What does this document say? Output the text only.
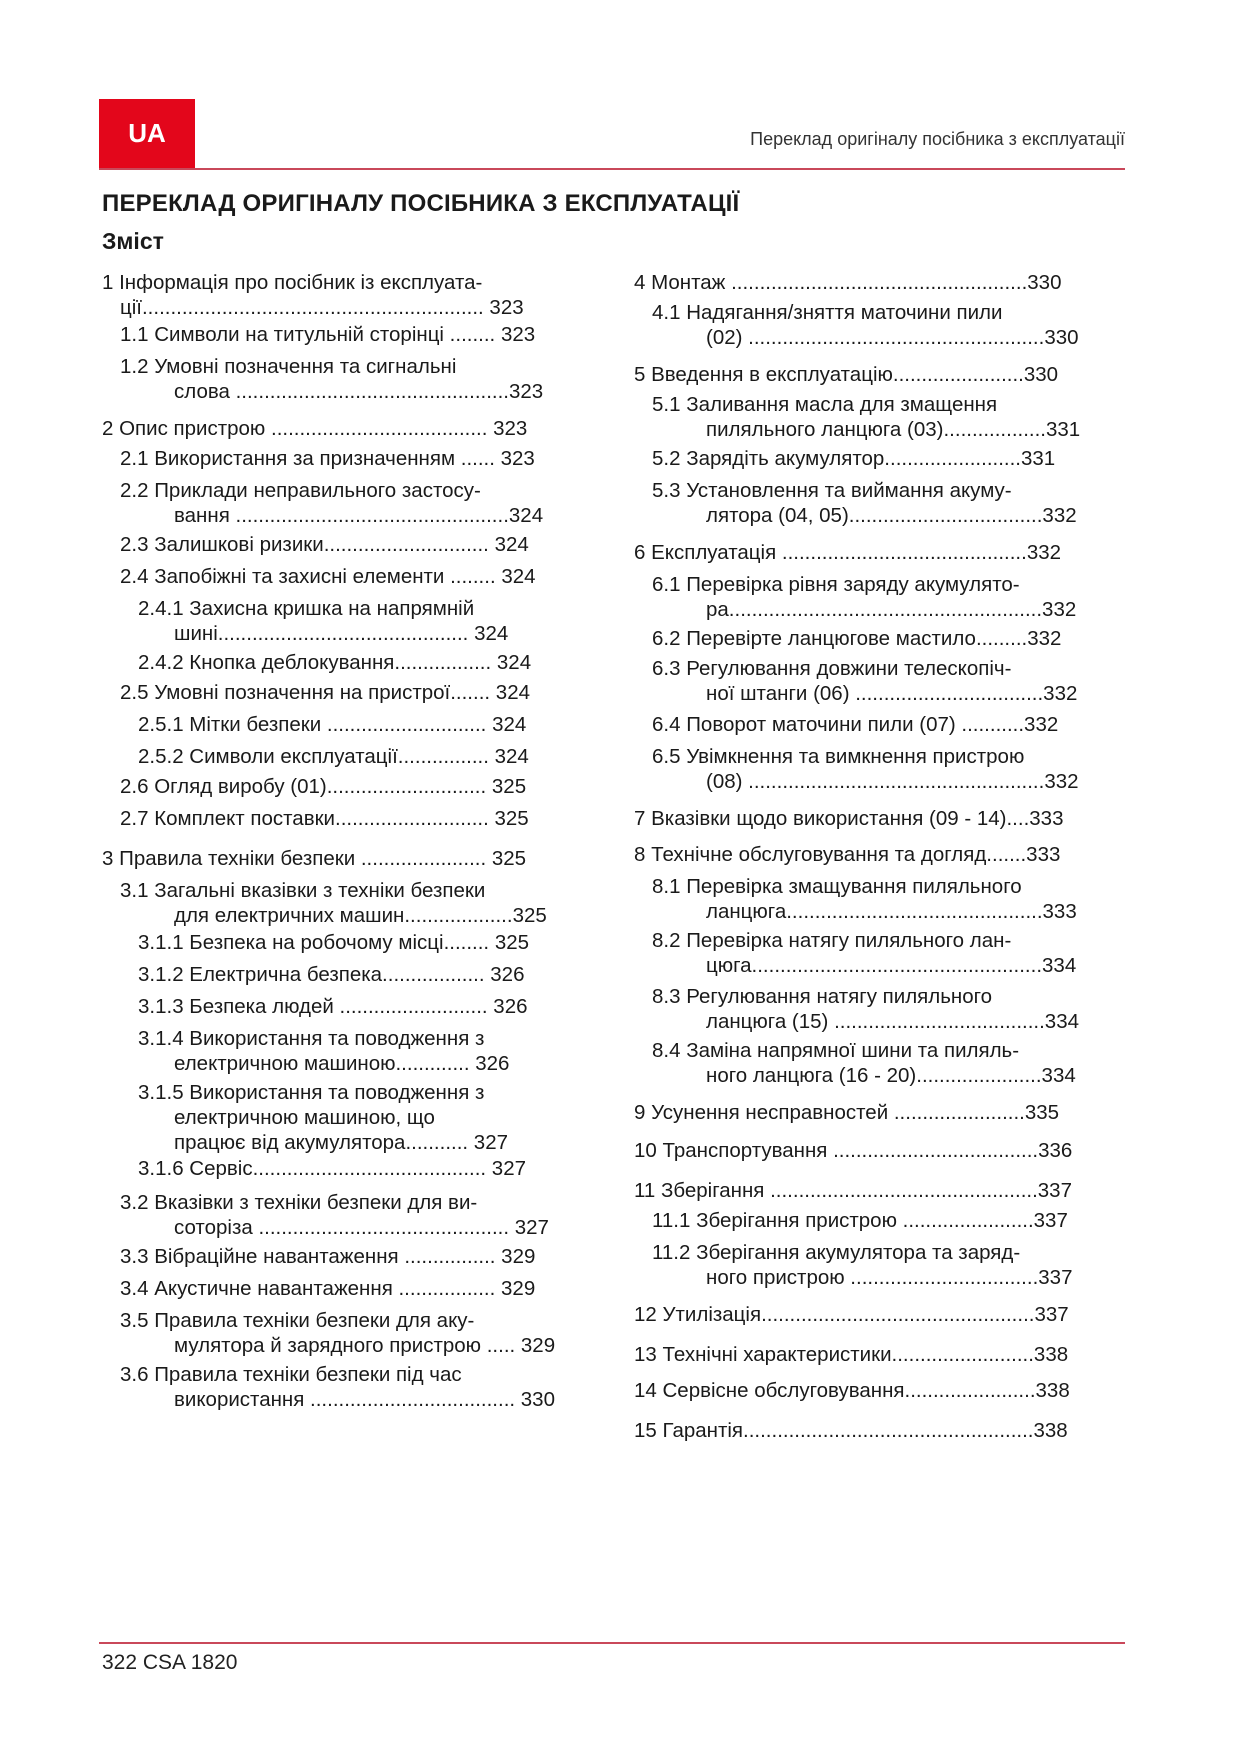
UA	Переклад оригіналу посібника з експлуатації
ПЕРЕКЛАД ОРИГІНАЛУ ПОСІБНИКА З ЕКСПЛУАТАЦІЇ
Зміст
1 Інформація про посібник із експлуата-
ції............................................................ 323
1.1 Символи на титульній сторінці ........ 323
1.2 Умовні позначення та сигнальні
слова ................................................323
2 Опис пристрою ...................................... 323
2.1 Використання за призначенням ...... 323
2.2 Приклади неправильного застосу-
вання ................................................324
2.3 Залишкові ризики............................. 324
2.4 Запобіжні та захисні елементи ........ 324
2.4.1 Захисна кришка на напрямній
шині............................................ 324
2.4.2 Кнопка деблокування................. 324
2.5 Умовні позначення на пристрої....... 324
2.5.1 Мітки безпеки ............................ 324
2.5.2 Символи експлуатації................ 324
2.6 Огляд виробу (01)............................ 325
2.7 Комплект поставки........................... 325
3 Правила техніки безпеки ...................... 325
3.1 Загальні вказівки з техніки безпеки
для електричних машин...................325
3.1.1 Безпека на робочому місці........ 325
3.1.2 Електрична безпека.................. 326
3.1.3 Безпека людей .......................... 326
3.1.4 Використання та поводження з
електричною машиною............. 326
3.1.5 Використання та поводження з
електричною машиною, що
працює від акумулятора........... 327
3.1.6 Сервіс......................................... 327
3.2 Вказівки з техніки безпеки для ви-
сотоpіза ............................................ 327
3.3 Вібраційне навантаження ................ 329
3.4 Акустичне навантаження ................. 329
3.5 Правила техніки безпеки для аку-
мулятора й зарядного пристрою ..... 329
3.6 Правила техніки безпеки під час
використання .................................... 330
4 Монтаж ....................................................330
4.1 Надягання/зняття маточини пили
(02) ....................................................330
5 Введення в експлуатацію.......................330
5.1 Заливання масла для змащення
пиляльного ланцюга (03)..................331
5.2 Зарядіть акумулятор........................331
5.3 Установлення та виймання акуму-
лятора (04, 05)..................................332
6 Експлуатація ...........................................332
6.1 Перевірка рівня заряду акумулято-
ра.......................................................332
6.2 Перевірте ланцюгове мастило.........332
6.3 Регулювання довжини телескопіч-
ної штанги (06) .................................332
6.4 Поворот маточини пили (07) ...........332
6.5 Увімкнення та вимкнення пристрою
(08) ....................................................332
7 Вказівки щодо використання (09 - 14)....333
8 Технічне обслуговування та догляд.......333
8.1 Перевірка змащування пиляльного
ланцюга.............................................333
8.2 Перевірка натягу пиляльного лан-
цюга...................................................334
8.3 Регулювання натягу пиляльного
ланцюга (15) .....................................334
8.4 Заміна напрямної шини та пиляль-
ного ланцюга (16 - 20)......................334
9 Усунення несправностей .......................335
10 Транспортування ....................................336
11 Зберігання ...............................................337
11.1 Зберігання пристрою .......................337
11.2 Зберігання акумулятора та заряд-
ного пристрою .................................337
12 Утилізація................................................337
13 Технічні характеристики.........................338
14 Сервісне обслуговування.......................338
15 Гарантія...................................................338
322 CSA 1820
